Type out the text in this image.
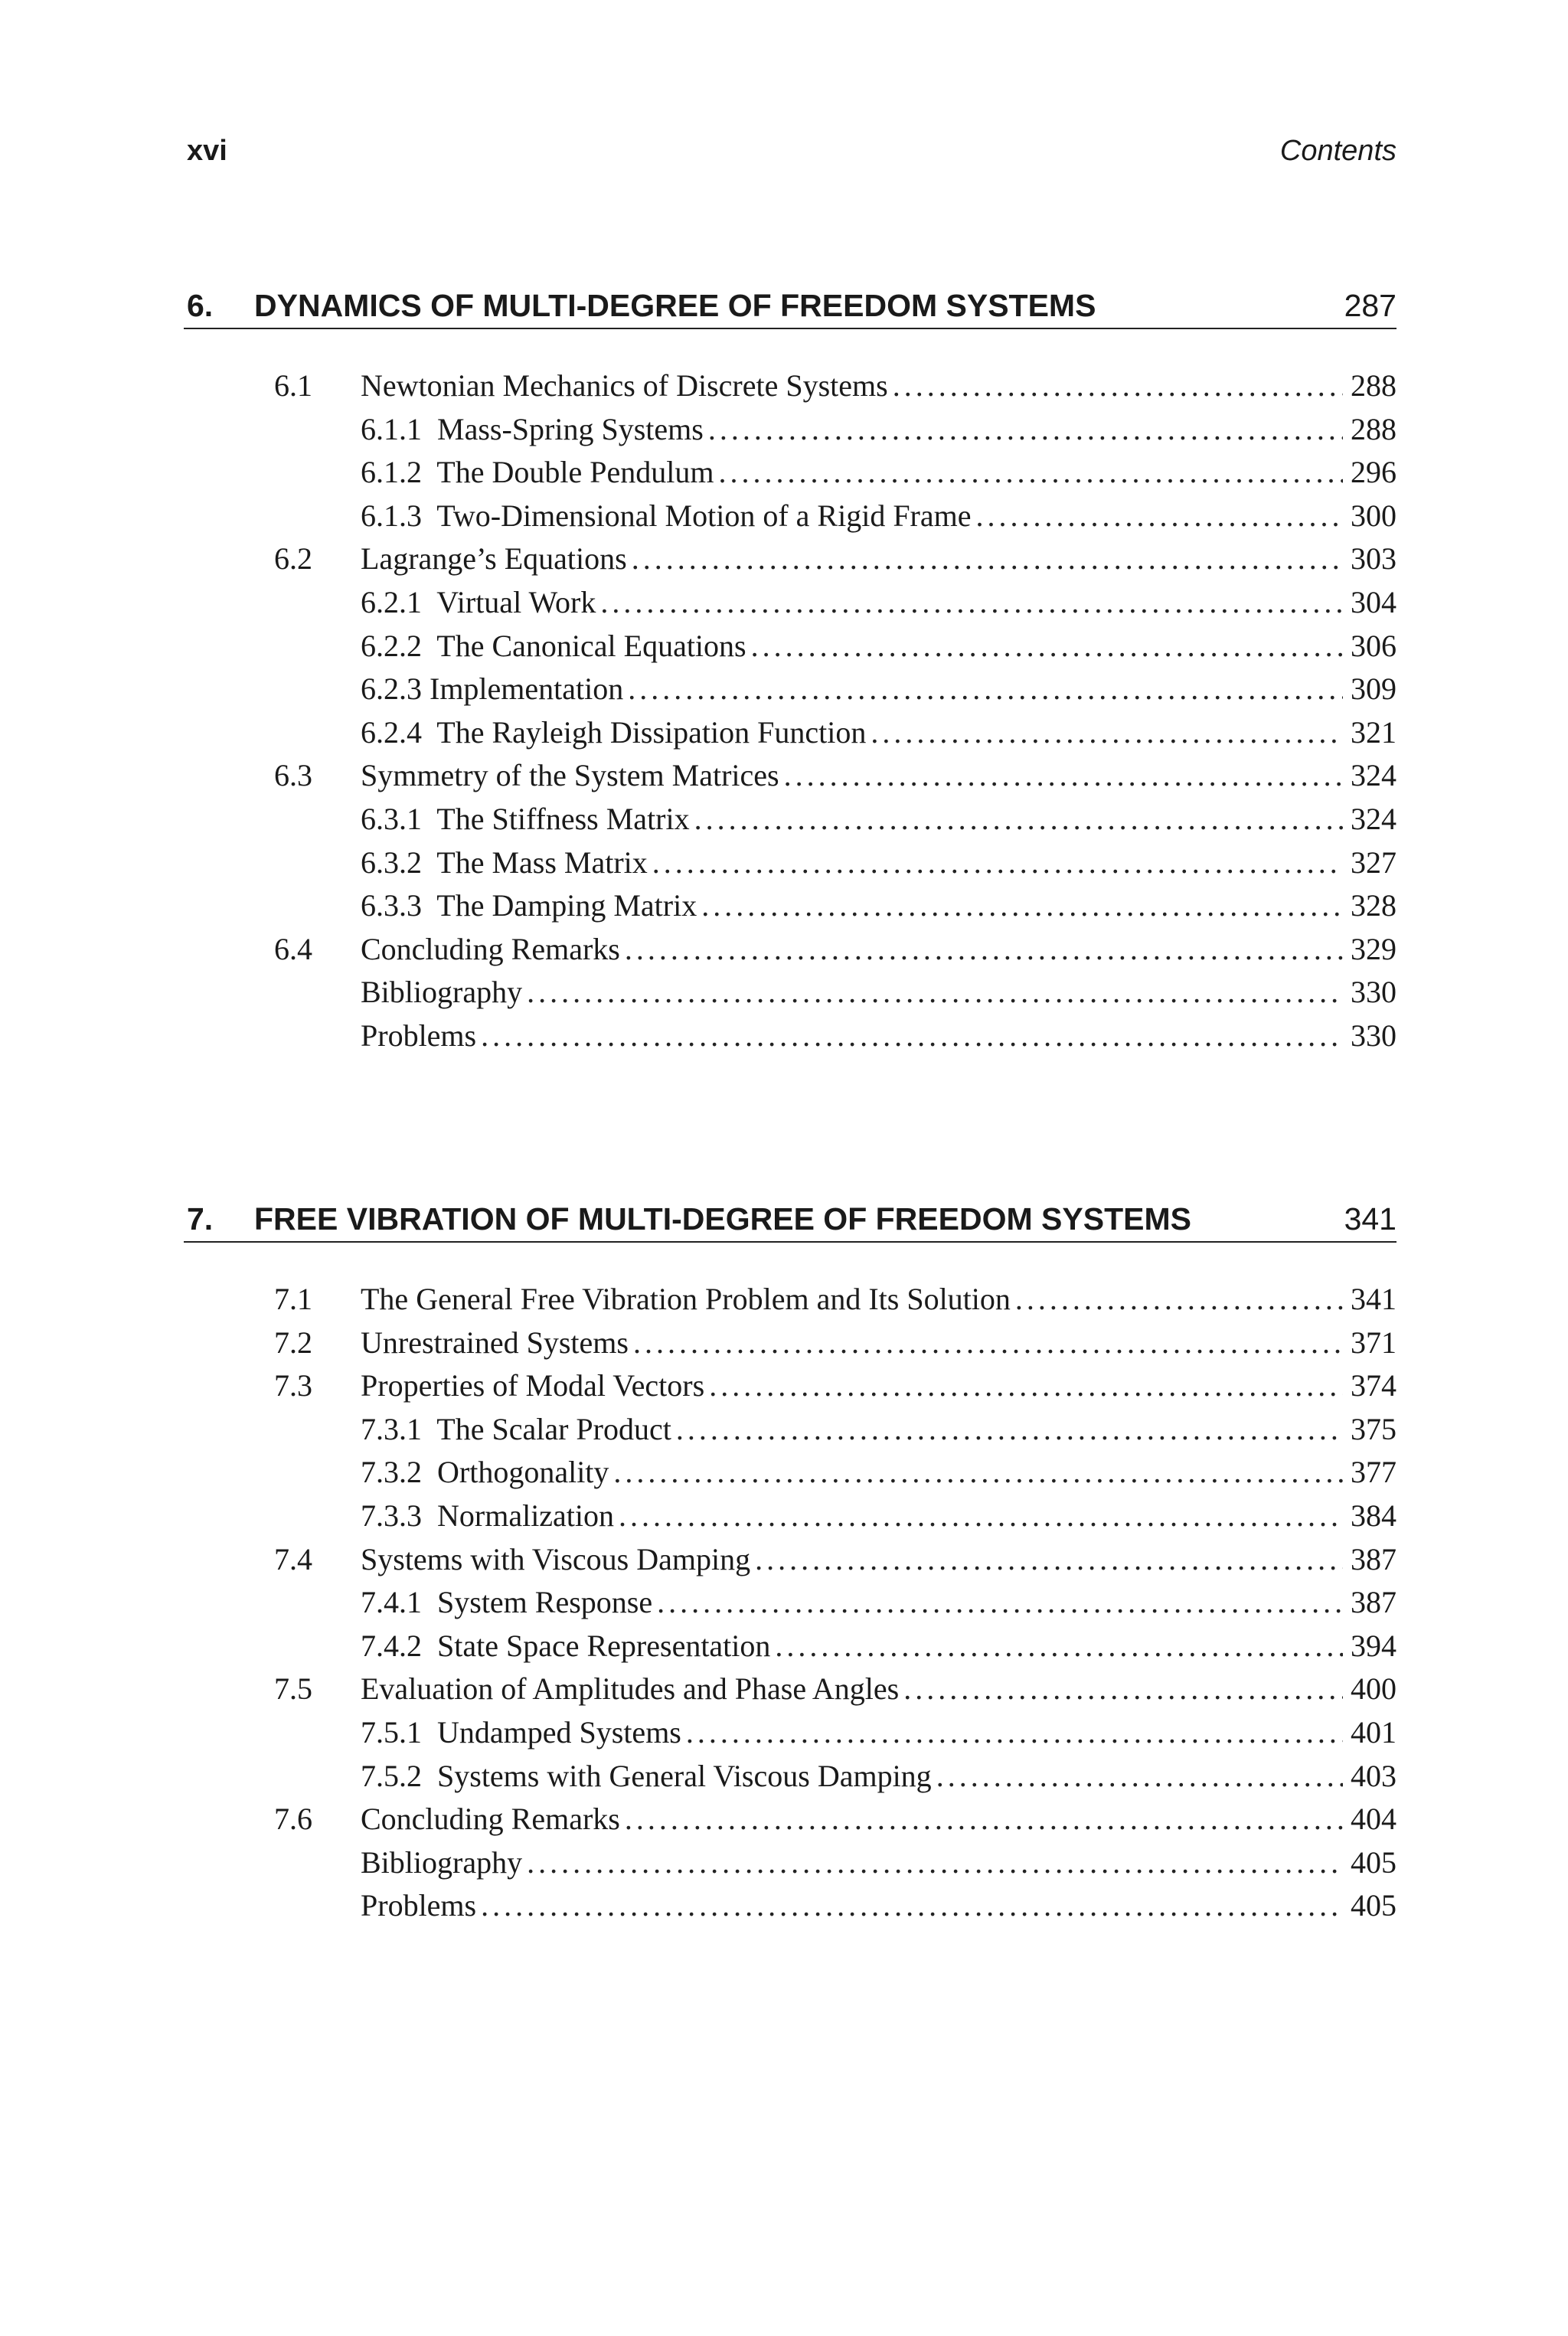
xvi	Contents
6. DYNAMICS OF MULTI-DEGREE OF FREEDOM SYSTEMS	287
6.1 Newtonian Mechanics of Discrete Systems .....	288
6.1.1  Mass-Spring Systems .....	288
6.1.2  The Double Pendulum .....	296
6.1.3  Two-Dimensional Motion of a Rigid Frame .....	300
6.2 Lagrange’s Equations .....	303
6.2.1  Virtual Work .....	304
6.2.2  The Canonical Equations .....	306
6.2.3 Implementation .....	309
6.2.4  The Rayleigh Dissipation Function .....	321
6.3 Symmetry of the System Matrices .....	324
6.3.1  The Stiffness Matrix .....	324
6.3.2  The Mass Matrix .....	327
6.3.3  The Damping Matrix .....	328
6.4 Concluding Remarks .....	329
Bibliography .....	330
Problems .....	330
7. FREE VIBRATION OF MULTI-DEGREE OF FREEDOM SYSTEMS	341
7.1 The General Free Vibration Problem and Its Solution .....	341
7.2 Unrestrained Systems .....	371
7.3 Properties of Modal Vectors .....	374
7.3.1  The Scalar Product .....	375
7.3.2  Orthogonality .....	377
7.3.3  Normalization .....	384
7.4 Systems with Viscous Damping .....	387
7.4.1  System Response .....	387
7.4.2  State Space Representation .....	394
7.5 Evaluation of Amplitudes and Phase Angles .....	400
7.5.1  Undamped Systems .....	401
7.5.2  Systems with General Viscous Damping .....	403
7.6 Concluding Remarks .....	404
Bibliography .....	405
Problems .....	405
